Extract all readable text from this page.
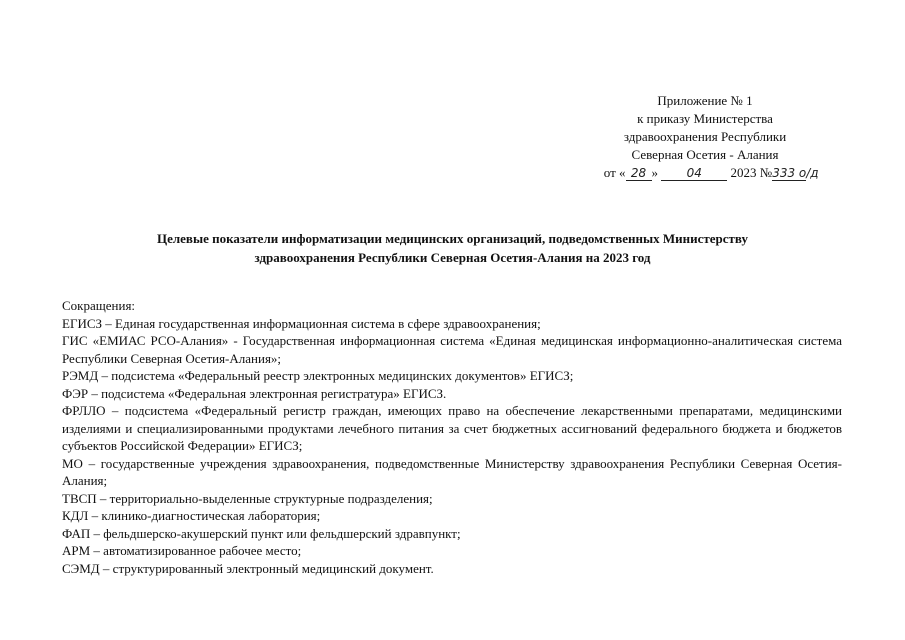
Приложение № 1
к приказу Министерства
здравоохранения Республики
Северная Осетия - Алания
от « 28 » 04 2023 №333 о/д
Целевые показатели информатизации медицинских организаций, подведомственных Министерству
здравоохранения Республики Северная Осетия-Алания на 2023 год

Сокращения:

ЕГИСЗ – Единая государственная информационная система в сфере здравоохранения;

ГИС «ЕМИАС РСО-Алания» - Государственная информационная система «Единая медицинская информационно-аналитическая система Республики Северная Осетия-Алания»;

РЭМД – подсистема «Федеральный реестр электронных медицинских документов» ЕГИСЗ;

ФЭР – подсистема «Федеральная электронная регистратура» ЕГИСЗ.

ФРЛЛО – подсистема «Федеральный регистр граждан, имеющих право на обеспечение лекарственными препаратами, медицинскими изделиями и специализированными продуктами лечебного питания за счет бюджетных ассигнований федерального бюджета и бюджетов субъектов Российской Федерации» ЕГИСЗ;

МО – государственные учреждения здравоохранения, подведомственные Министерству здравоохранения Республики Северная Осетия-Алания;

ТВСП – территориально-выделенные структурные подразделения;

КДЛ – клинико-диагностическая лаборатория;

ФАП – фельдшерско-акушерский пункт или фельдшерский здравпункт;

АРМ – автоматизированное рабочее место;

СЭМД – структурированный электронный медицинский документ.
